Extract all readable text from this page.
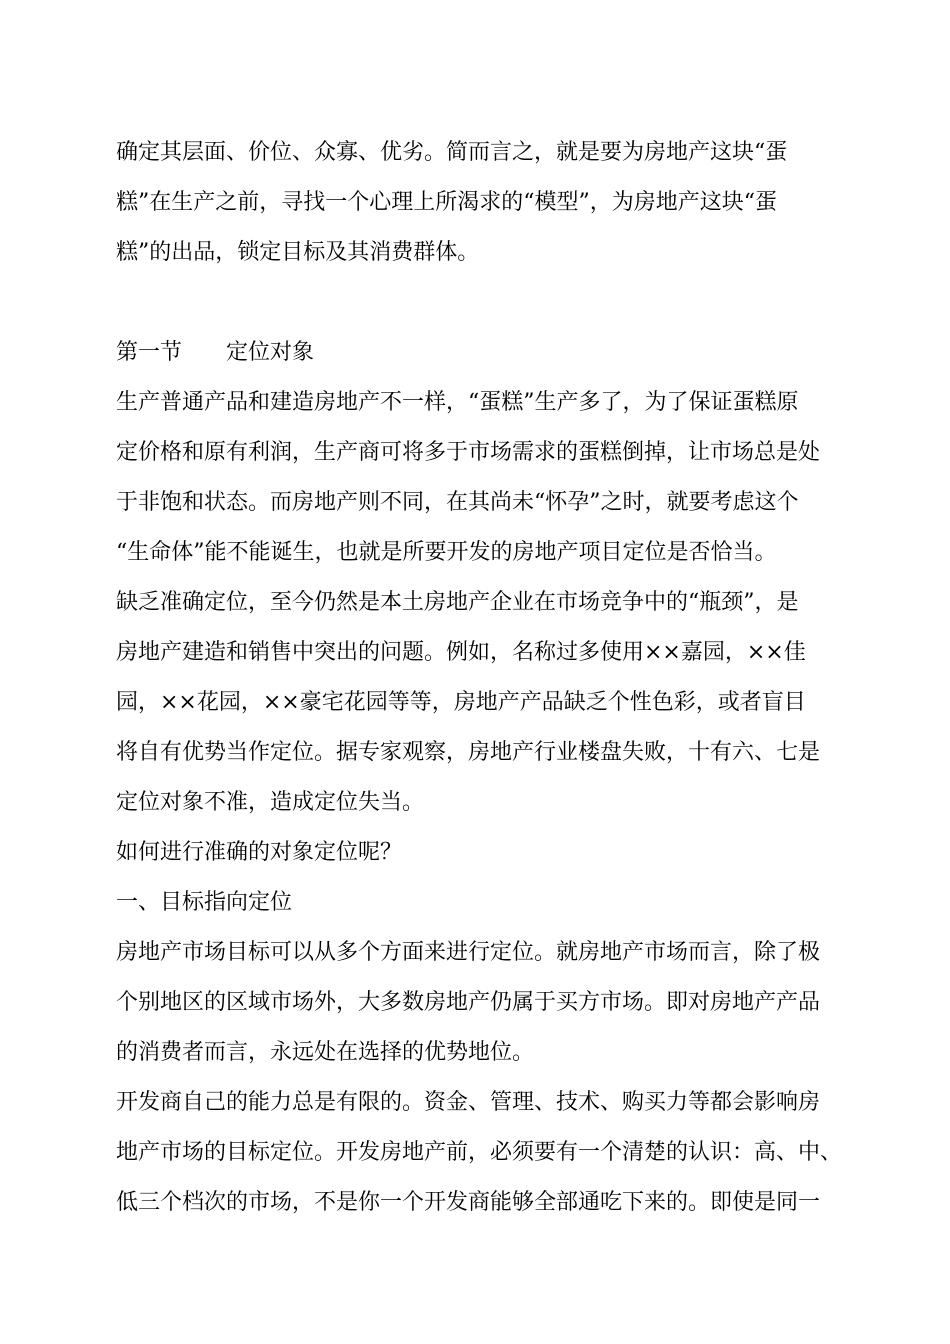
确定其层面、价位、众寡、优劣。简而言之，就是要为房地产这块“蛋
糕”在生产之前，寻找一个心理上所渴求的“模型”，为房地产这块“蛋
糕”的出品，锁定目标及其消费群体。
第一节 定位对象
生产普通产品和建造房地产不一样，“蛋糕”生产多了，为了保证蛋糕原
定价格和原有利润，生产商可将多于市场需求的蛋糕倒掉，让市场总是处
于非饱和状态。而房地产则不同，在其尚未“怀孕”之时，就要考虑这个
“生命体”能不能诞生，也就是所要开发的房地产项目定位是否恰当。
缺乏准确定位，至今仍然是本土房地产企业在市场竞争中的“瓶颈”，是
房地产建造和销售中突出的问题。例如，名称过多使用××嘉园，××佳
园，××花园，××豪宅花园等等，房地产产品缺乏个性色彩，或者盲目
将自有优势当作定位。据专家观察，房地产行业楼盘失败，十有六、七是
定位对象不准，造成定位失当。
如何进行准确的对象定位呢？
一、目标指向定位
房地产市场目标可以从多个方面来进行定位。就房地产市场而言，除了极
个别地区的区域市场外，大多数房地产仍属于买方市场。即对房地产产品
的消费者而言，永远处在选择的优势地位。
开发商自己的能力总是有限的。资金、管理、技术、购买力等都会影响房
地产市场的目标定位。开发房地产前，必须要有一个清楚的认识：高、中、
低三个档次的市场，不是你一个开发商能够全部通吃下来的。即使是同一
